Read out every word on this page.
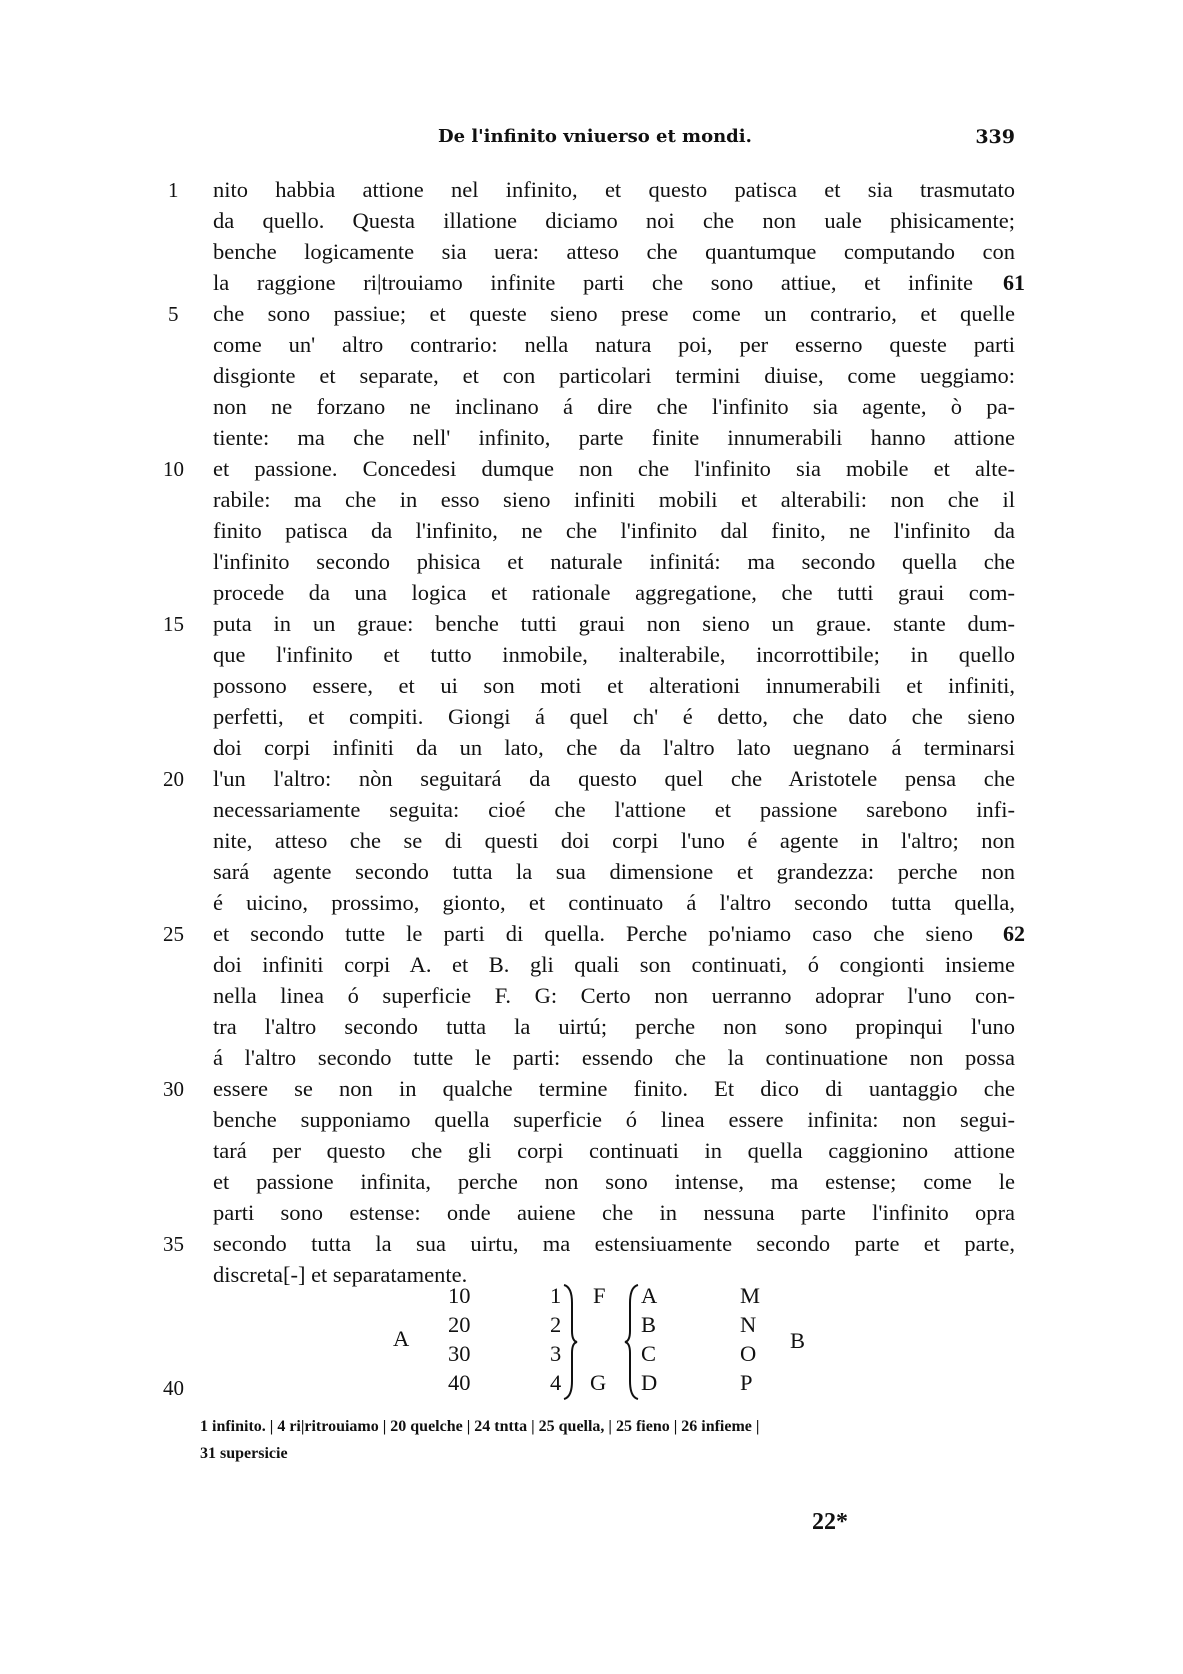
De l'infinito vniuerso et mondi.	339
nito habbia attione nel infinito, et questo patisca et sia trasmutato
da quello. Questa illatione diciamo noi che non uale phisicamente;
benche logicamente sia uera: atteso che quantumque computando con
la raggione ri|trouiamo infinite parti che sono attiue, et infinite
che sono passiue; et queste sieno prese come un contrario, et quelle
come un' altro contrario: nella natura poi, per esserno queste parti
disgionte et separate, et con particolari termini diuise, come ueggiamo:
non ne forzano ne inclinano á dire che l'infinito sia agente, ò pa-
tiente: ma che nell' infinito, parte finite innumerabili hanno attione
et passione. Concedesi dumque non che l'infinito sia mobile et alte-
rabile: ma che in esso sieno infiniti mobili et alterabili: non che il
finito patisca da l'infinito, ne che l'infinito dal finito, ne l'infinito da
l'infinito secondo phisica et naturale infinitá: ma secondo quella che
procede da una logica et rationale aggregatione, che tutti graui com-
puta in un graue: benche tutti graui non sieno un graue. stante dum-
que l'infinito et tutto inmobile, inalterabile, incorrottibile; in quello
possono essere, et ui son moti et alterationi innumerabili et infiniti,
perfetti, et compiti. Giongi á quel ch' é detto, che dato che sieno
doi corpi infiniti da un lato, che da l'altro lato uegnano á terminarsi
l'un l'altro: nòn seguitará da questo quel che Aristotele pensa che
necessariamente seguita: cioé che l'attione et passione sarebono infi-
nite, atteso che se di questi doi corpi l'uno é agente in l'altro; non
sará agente secondo tutta la sua dimensione et grandezza: perche non
é uicino, prossimo, gionto, et continuato á l'altro secondo tutta quella,
et secondo tutte le parti di quella. Perche po'niamo caso che sieno
doi infiniti corpi A. et B. gli quali son continuati, ó congionti insieme
nella linea ó superficie F. G: Certo non uerranno adoprar l'uno con-
tra l'altro secondo tutta la uirtú; perche non sono propinqui l'uno
á l'altro secondo tutte le parti: essendo che la continuatione non possa
essere se non in qualche termine finito. Et dico di uantaggio che
benche supponiamo quella superficie ó linea essere infinita: non segui-
tará per questo che gli corpi continuati in quella caggionino attione
et passione infinita, perche non sono intense, ma estense; come le
parti sono estense: onde auiene che in nessuna parte l'infinito opra
secondo tutta la sua uirtu, ma estensiuamente secondo parte et parte,
discreta[-] et separatamente.
1
5
10
15
20
25
30
35
40
61
62
A
10
20
30
40
1
2
3
4
F
G
A
B
C
D
M
N
O
P
B
1 infinito. | 4 ri|ritrouiamo | 20 quelche | 24 tntta | 25 quella, | 25 fieno | 26 infieme |
31 supersicie
22*
